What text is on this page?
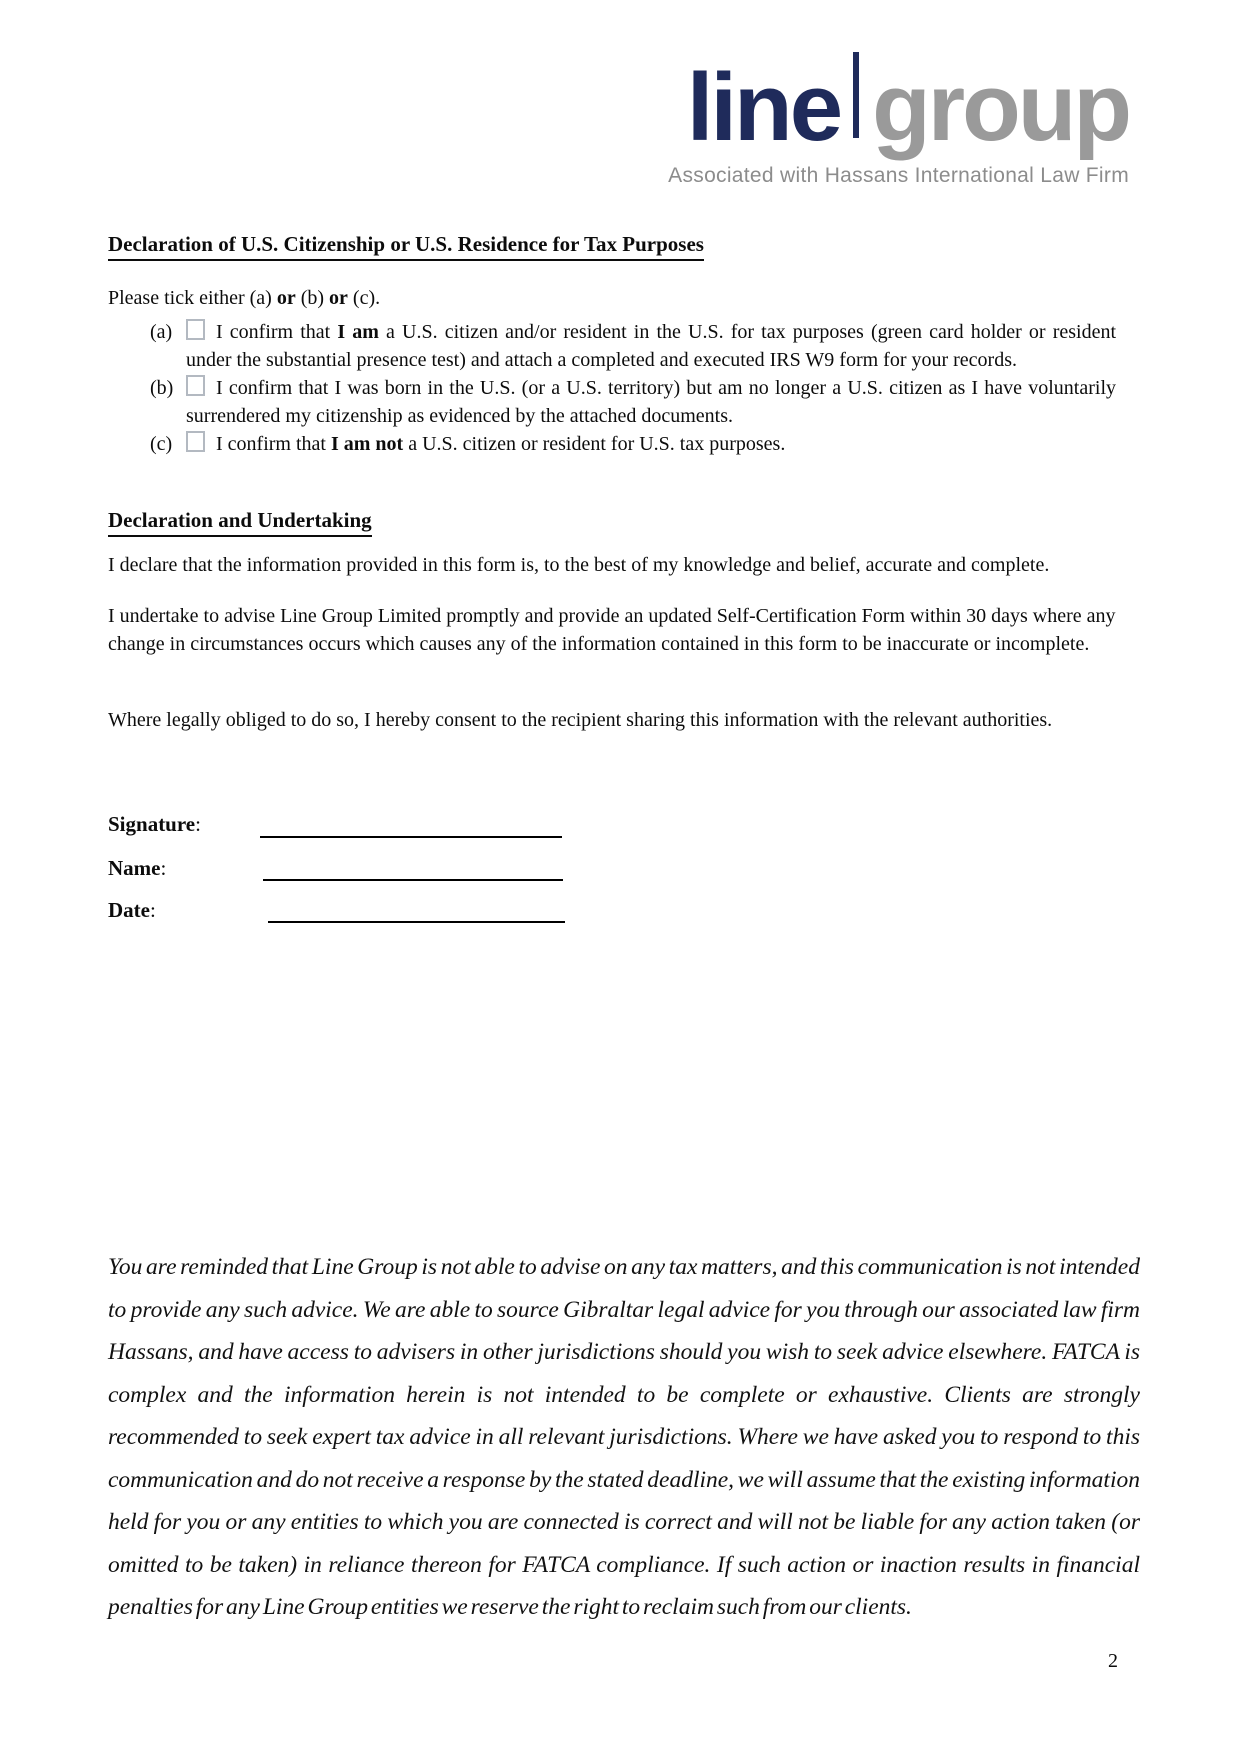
line group
Associated with Hassans International Law Firm
Declaration of U.S. Citizenship or U.S. Residence for Tax Purposes
Please tick either (a) or (b) or (c).
(a) I confirm that I am a U.S. citizen and/or resident in the U.S. for tax purposes (green card holder or resident under the substantial presence test) and attach a completed and executed IRS W9 form for your records.
(b) I confirm that I was born in the U.S. (or a U.S. territory) but am no longer a U.S. citizen as I have voluntarily surrendered my citizenship as evidenced by the attached documents.
(c) I confirm that I am not a U.S. citizen or resident for U.S. tax purposes.
Declaration and Undertaking
I declare that the information provided in this form is, to the best of my knowledge and belief, accurate and complete.
I undertake to advise Line Group Limited promptly and provide an updated Self-Certification Form within 30 days where any change in circumstances occurs which causes any of the information contained in this form to be inaccurate or incomplete.
Where legally obliged to do so, I hereby consent to the recipient sharing this information with the relevant authorities.
Signature:
Name:
Date:
You are reminded that Line Group is not able to advise on any tax matters, and this communication is not intended to provide any such advice. We are able to source Gibraltar legal advice for you through our associated law firm Hassans, and have access to advisers in other jurisdictions should you wish to seek advice elsewhere. FATCA is complex and the information herein is not intended to be complete or exhaustive. Clients are strongly recommended to seek expert tax advice in all relevant jurisdictions. Where we have asked you to respond to this communication and do not receive a response by the stated deadline, we will assume that the existing information held for you or any entities to which you are connected is correct and will not be liable for any action taken (or omitted to be taken) in reliance thereon for FATCA compliance. If such action or inaction results in financial penalties for any Line Group entities we reserve the right to reclaim such from our clients.
2
